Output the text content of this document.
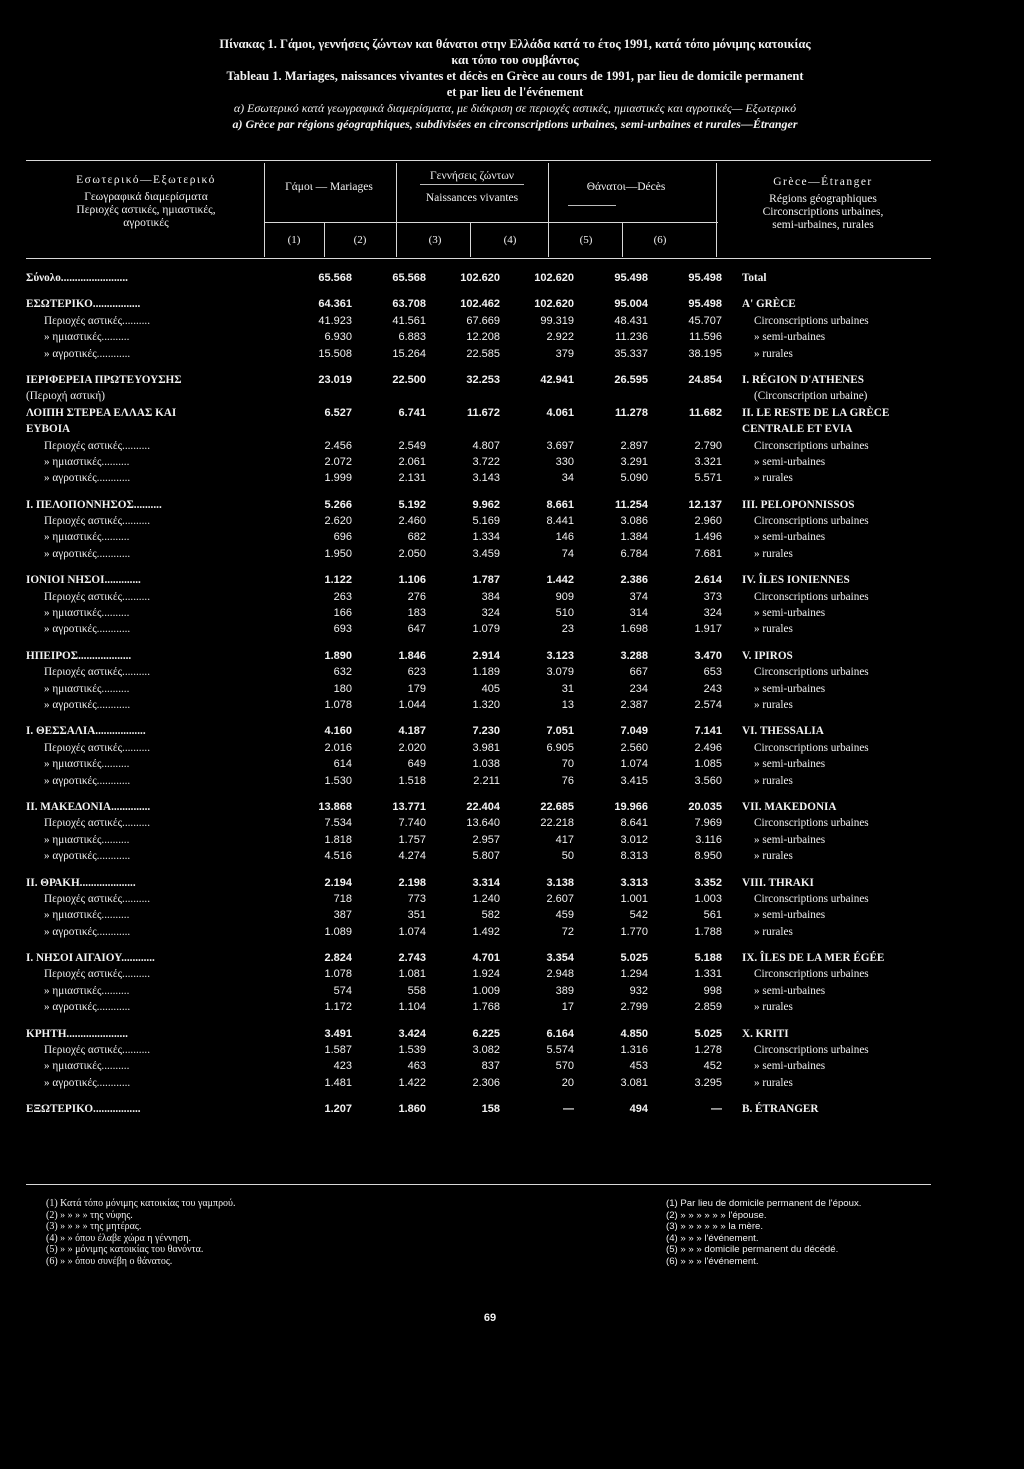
Πίνακας 1. Γάμοι, γεννήσεις ζώντων και θάνατοι στην Ελλάδα κατά το έτος 1991, κατά τόπο μόνιμης κατοικίας
και τόπο του συμβάντος
Tableau 1. Mariages, naissances vivantes et décès en Grèce au cours de 1991, par lieu de domicile permanent
et par lieu de l'événement
α) Εσωτερικό κατά γεωγραφικά διαμερίσματα, με διάκριση σε περιοχές αστικές, ημιαστικές και αγροτικές— Εξωτερικό
a) Grèce par régions géographiques, subdivisées en circonscriptions urbaines, semi-urbaines et rurales—Étranger
Εσωτερικό—Εξωτερικό
Γεωγραφικά διαμερίσματα
Περιοχές αστικές, ημιαστικές,
αγροτικές
Γάμοι — Mariages
Γεννήσεις ζώντων
Naissances vivantes
Θάνατοι—Décès
(1)	(2)	(3)	(4)	(5)	(6)
Grèce—Étranger
Régions géographiques
Circonscriptions urbaines,
semi-urbaines, rurales
Σύνολο........................	65.568	65.568	102.620	102.620	95.498	95.498	Total

ΕΣΩΤΕΡΙΚΟ.................	64.361	63.708	102.462	102.620	95.004	95.498	A' GRÈCE
Περιοχές αστικές..........	41.923	41.561	67.669	99.319	48.431	45.707	Circonscriptions urbaines
» ημιαστικές..........	6.930	6.883	12.208	2.922	11.236	11.596	» semi-urbaines
» αγροτικές............	15.508	15.264	22.585	379	35.337	38.195	» rurales

ΙΕΡΙΦΕΡΕΙΑ ΠΡΩΤΕΥΟΥΣΗΣ	23.019	22.500	32.253	42.941	26.595	24.854	I. RÉGION D'ATHENES
(Περιοχή αστική)							(Circonscription urbaine)
ΛΟΙΠΗ ΣΤΕΡΕΑ ΕΛΛΑΣ ΚΑΙ	6.527	6.741	11.672	4.061	11.278	11.682	II. LE RESTE DE LA GRÈCE
ΕΥΒΟΙΑ							CENTRALE ET EVIA
Περιοχές αστικές..........	2.456	2.549	4.807	3.697	2.897	2.790	Circonscriptions urbaines
» ημιαστικές..........	2.072	2.061	3.722	330	3.291	3.321	» semi-urbaines
» αγροτικές............	1.999	2.131	3.143	34	5.090	5.571	» rurales

Ι. ΠΕΛΟΠΟΝΝΗΣΟΣ..........	5.266	5.192	9.962	8.661	11.254	12.137	III. PELOPONNISSOS
Περιοχές αστικές..........	2.620	2.460	5.169	8.441	3.086	2.960	Circonscriptions urbaines
» ημιαστικές..........	696	682	1.334	146	1.384	1.496	» semi-urbaines
» αγροτικές............	1.950	2.050	3.459	74	6.784	7.681	» rurales

ΙΟΝΙΟΙ ΝΗΣΟΙ.............	1.122	1.106	1.787	1.442	2.386	2.614	IV. ÎLES IONIENNES
Περιοχές αστικές..........	263	276	384	909	374	373	Circonscriptions urbaines
» ημιαστικές..........	166	183	324	510	314	324	» semi-urbaines
» αγροτικές............	693	647	1.079	23	1.698	1.917	» rurales

ΗΠΕΙΡΟΣ...................	1.890	1.846	2.914	3.123	3.288	3.470	V. IPIROS
Περιοχές αστικές..........	632	623	1.189	3.079	667	653	Circonscriptions urbaines
» ημιαστικές..........	180	179	405	31	234	243	» semi-urbaines
» αγροτικές............	1.078	1.044	1.320	13	2.387	2.574	» rurales

Ι. ΘΕΣΣΑΛΙΑ..................	4.160	4.187	7.230	7.051	7.049	7.141	VI. THESSALIA
Περιοχές αστικές..........	2.016	2.020	3.981	6.905	2.560	2.496	Circonscriptions urbaines
» ημιαστικές..........	614	649	1.038	70	1.074	1.085	» semi-urbaines
» αγροτικές............	1.530	1.518	2.211	76	3.415	3.560	» rurales

ΙΙ. ΜΑΚΕΔΟΝΙΑ..............	13.868	13.771	22.404	22.685	19.966	20.035	VII. MAKEDONIA
Περιοχές αστικές..........	7.534	7.740	13.640	22.218	8.641	7.969	Circonscriptions urbaines
» ημιαστικές..........	1.818	1.757	2.957	417	3.012	3.116	» semi-urbaines
» αγροτικές............	4.516	4.274	5.807	50	8.313	8.950	» rurales

ΙΙ. ΘΡΑΚΗ....................	2.194	2.198	3.314	3.138	3.313	3.352	VIII. THRAKI
Περιοχές αστικές..........	718	773	1.240	2.607	1.001	1.003	Circonscriptions urbaines
» ημιαστικές..........	387	351	582	459	542	561	» semi-urbaines
» αγροτικές............	1.089	1.074	1.492	72	1.770	1.788	» rurales

Ι. ΝΗΣΟΙ ΑΙΓΑΙΟΥ............	2.824	2.743	4.701	3.354	5.025	5.188	IX. ÎLES DE LA MER ÉGÉE
Περιοχές αστικές..........	1.078	1.081	1.924	2.948	1.294	1.331	Circonscriptions urbaines
» ημιαστικές..........	574	558	1.009	389	932	998	» semi-urbaines
» αγροτικές............	1.172	1.104	1.768	17	2.799	2.859	» rurales

ΚΡΗΤΗ......................	3.491	3.424	6.225	6.164	4.850	5.025	X. KRITI
Περιοχές αστικές..........	1.587	1.539	3.082	5.574	1.316	1.278	Circonscriptions urbaines
» ημιαστικές..........	423	463	837	570	453	452	» semi-urbaines
» αγροτικές............	1.481	1.422	2.306	20	3.081	3.295	» rurales

ΕΞΩΤΕΡΙΚΟ.................	1.207	1.860	158	—	494	—	B. ÉTRANGER
(1) Κατά τόπο μόνιμης κατοικίας του γαμπρού.
(2) » » » » της νύφης.
(3) » » » » της μητέρας.
(4) » » όπου έλαβε χώρα η γέννηση.
(5) » » μόνιμης κατοικίας του θανόντα.
(6) » » όπου συνέβη ο θάνατος.
(1) Par lieu de domicile permanent de l'époux.
(2) » » » » » » l'épouse.
(3) » » » » » » la mère.
(4) » » » l'événement.
(5) » » » domicile permanent du décédé.
(6) » » » l'événement.
69
